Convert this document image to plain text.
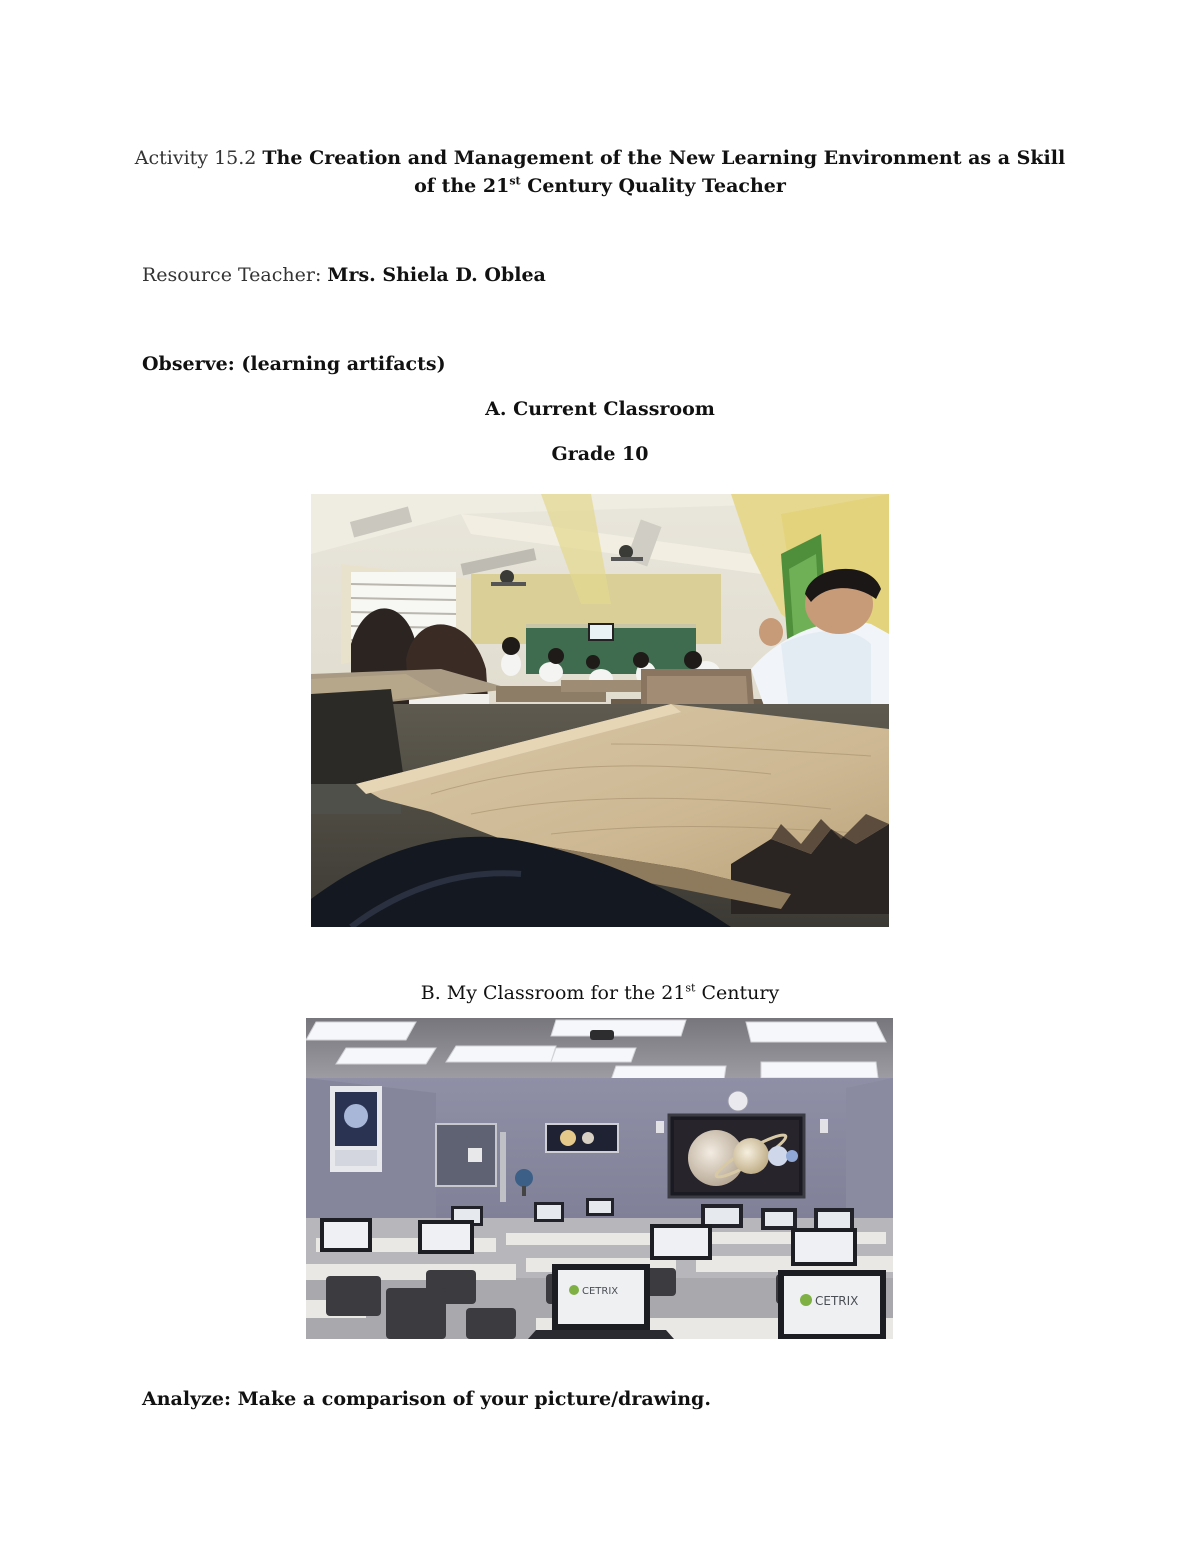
Activity 15.2 The Creation and Management of the New Learning Environment as a Skill
of the 21st Century Quality Teacher
Resource Teacher: Mrs. Shiela D. Oblea
Observe: (learning artifacts)
A. Current Classroom
Grade 10
B. My Classroom for the 21st Century
CETRIX
CETRIX
Analyze: Make a comparison of your picture/drawing.
